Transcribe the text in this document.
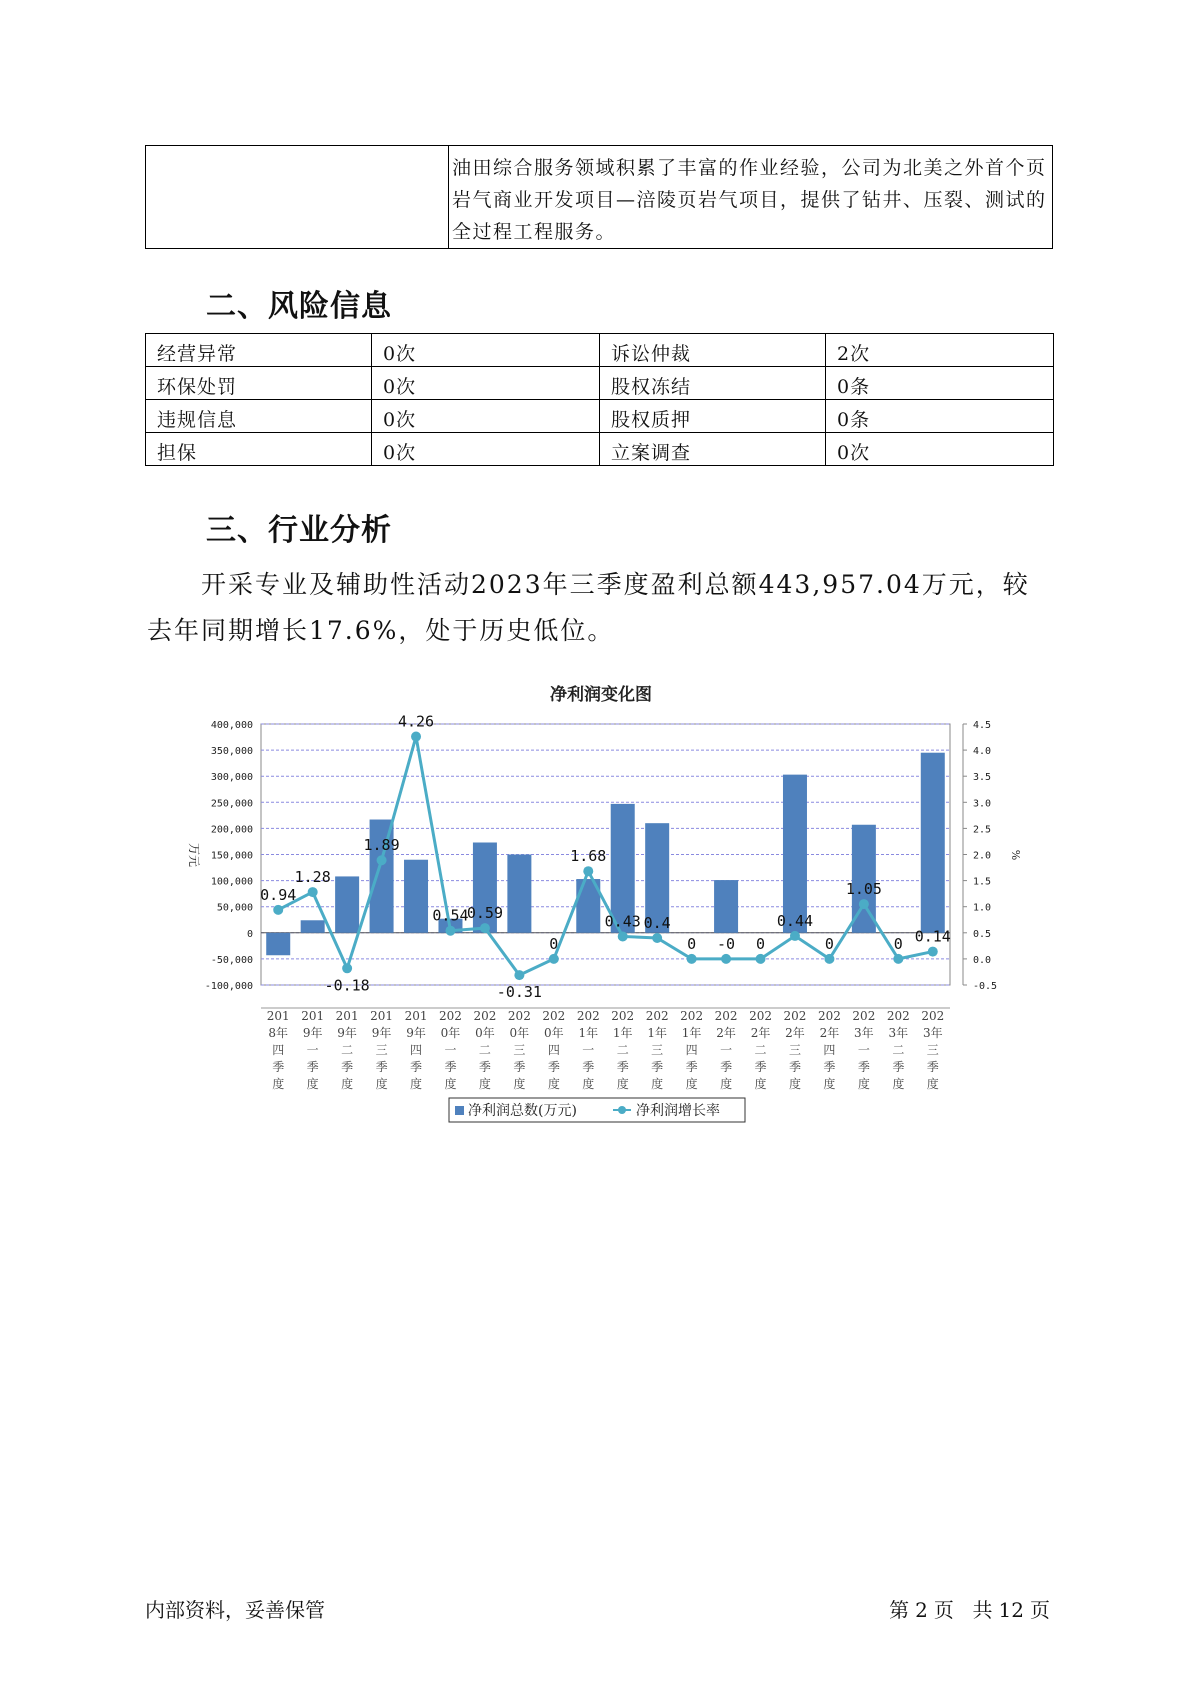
	油田综合服务领域积累了丰富的作业经验，公司为北美之外首个页岩气商业开发项目—涪陵页岩气项目，提供了钻井、压裂、测试的全过程工程服务。
二、风险信息
经营异常	0次	诉讼仲裁	2次
环保处罚	0次	股权冻结	0条
违规信息	0次	股权质押	0条
担保	0次	立案调查	0次
三、行业分析
开采专业及辅助性活动2023年三季度盈利总额443,957.04万元，较去年同期增长17.6%，处于历史低位。
净利润变化图
-100,000
-50,000
0
50,000
100,000
150,000
200,000
250,000
300,000
350,000
400,000
-0.5
0.0
0.5
1.0
1.5
2.0
2.5
3.0
3.5
4.0
4.5
万元	%
0.94
1.28
-0.18
1.89
4.26
0.54
0.59
-0.31
0
1.68
0.43 0.4
0 -0 0
0.44
0
1.05
0 0.14
201 8年四季度
201 9年一季度
201 9年二季度
201 9年三季度
201 9年四季度
202 0年一季度
202 0年二季度
202 0年三季度
202 0年四季度
202 1年一季度
202 1年二季度
202 1年三季度
202 1年四季度
202 2年一季度
202 2年二季度
202 2年三季度
202 2年四季度
202 3年一季度
202 3年二季度
202 3年三季度
净利润总数(万元)	净利润增长率
内部资料，妥善保管	第 2 页 共 12 页
